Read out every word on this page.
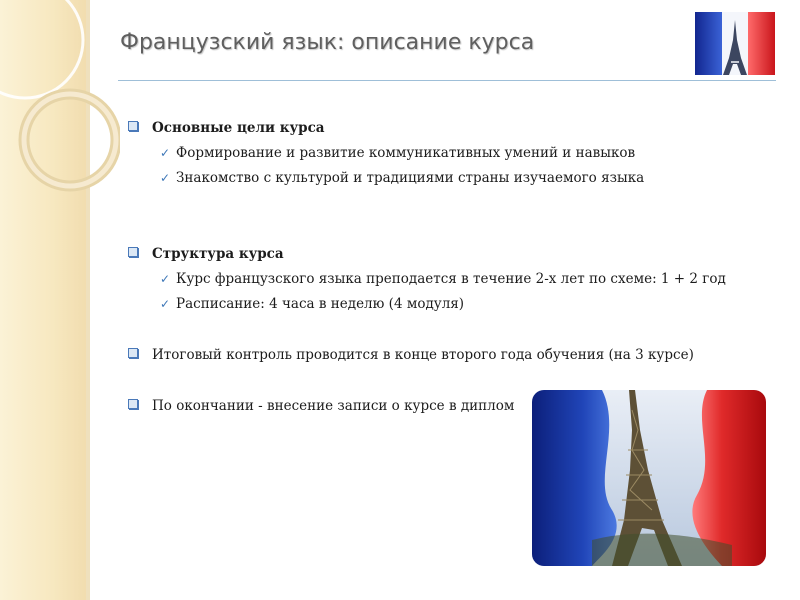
Французский язык: описание курса
Основные цели курса
✓ Формирование и развитие коммуникативных умений и навыков
✓ Знакомство с культурой и традициями страны изучаемого языка
Структура курса
✓ Курс французского языка преподается в течение 2-х лет по схеме: 1 + 2 год
✓ Расписание: 4 часа в неделю (4 модуля)
Итоговый контроль проводится в конце второго года обучения (на 3 курсе)
По окончании - внесение записи о курсе в диплом
